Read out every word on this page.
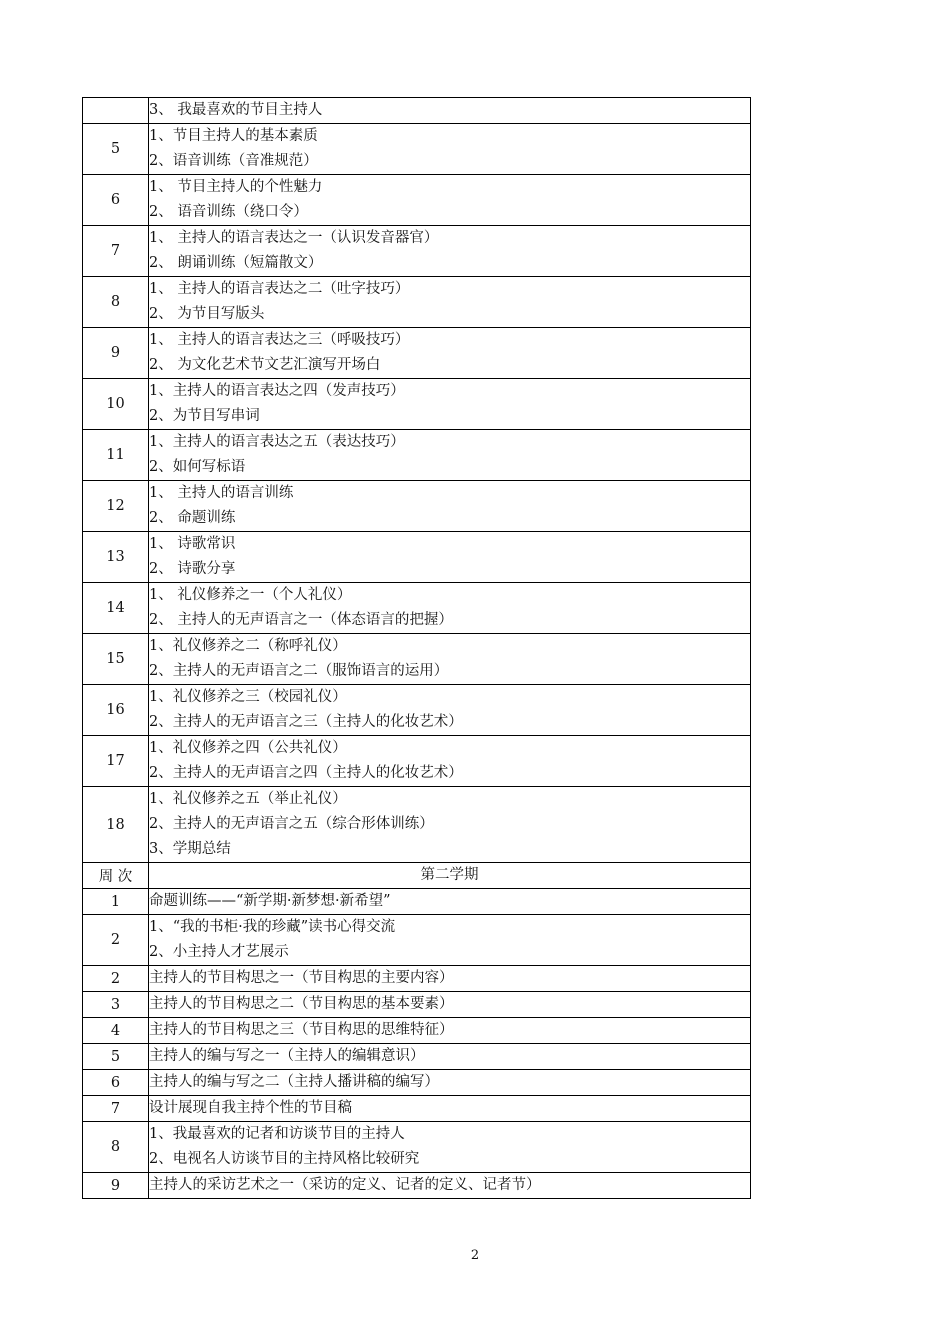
	3、 我最喜欢的节目主持人

5	1、节目主持人的基本素质
2、语音训练（音准规范）

6	1、 节目主持人的个性魅力
2、 语音训练（绕口令）

7	1、 主持人的语言表达之一（认识发音器官）
2、 朗诵训练（短篇散文）

8	1、 主持人的语言表达之二（吐字技巧）
2、 为节目写版头

9	1、 主持人的语言表达之三（呼吸技巧）
2、 为文化艺术节文艺汇演写开场白

10	1、主持人的语言表达之四（发声技巧）
2、为节目写串词

11	1、主持人的语言表达之五（表达技巧）
2、如何写标语

12	1、 主持人的语言训练
2、 命题训练

13	1、 诗歌常识
2、 诗歌分享

14	1、 礼仪修养之一（个人礼仪）
2、 主持人的无声语言之一（体态语言的把握）

15	1、礼仪修养之二（称呼礼仪）
2、主持人的无声语言之二（服饰语言的运用）

16	1、礼仪修养之三（校园礼仪）
2、主持人的无声语言之三（主持人的化妆艺术）

17	1、礼仪修养之四（公共礼仪）
2、主持人的无声语言之四（主持人的化妆艺术）

18	1、礼仪修养之五（举止礼仪）
2、主持人的无声语言之五（综合形体训练）
3、学期总结

周 次	第二学期
1	命题训练——“新学期·新梦想·新希望”

2	1、“我的书柜·我的珍藏”读书心得交流
2、小主持人才艺展示

2	主持人的节目构思之一（节目构思的主要内容）

3	主持人的节目构思之二（节目构思的基本要素）

4	主持人的节目构思之三（节目构思的思维特征）

5	主持人的编与写之一（主持人的编辑意识）

6	主持人的编与写之二（主持人播讲稿的编写）

7	设计展现自我主持个性的节目稿

8	1、我最喜欢的记者和访谈节目的主持人
2、电视名人访谈节目的主持风格比较研究

9	主持人的采访艺术之一（采访的定义、记者的定义、记者节）
2
